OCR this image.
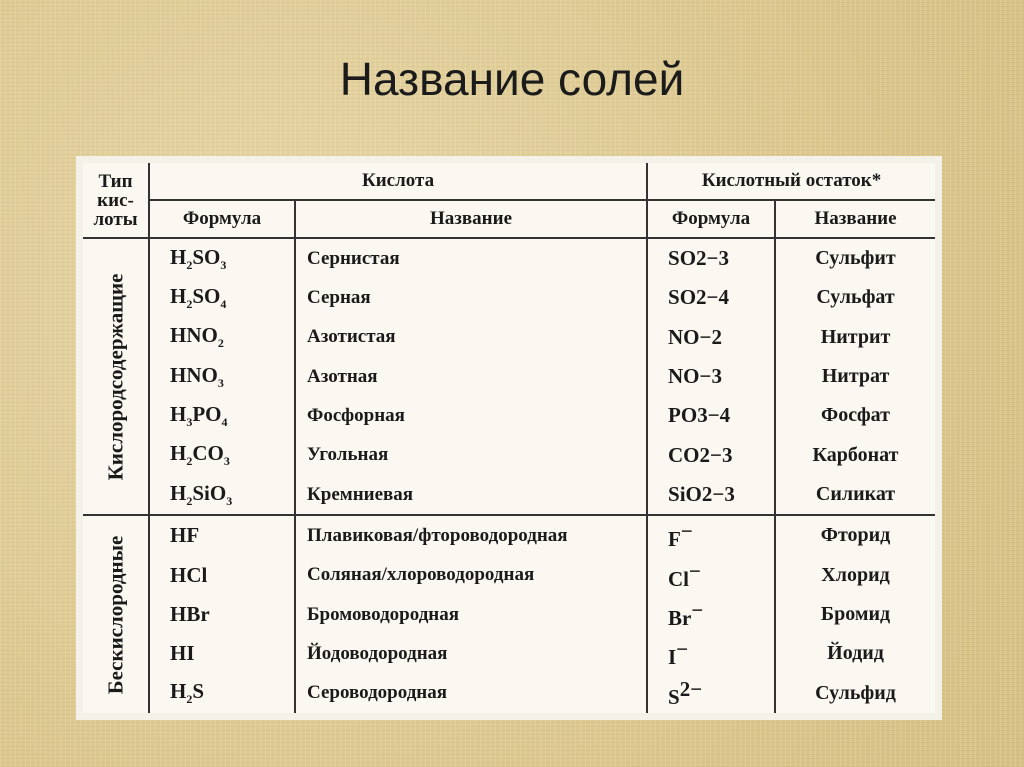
Название солей
Тип
кис-
лоты	Кислота		Кислотный остаток*	
	Формула	Название	Формула	Название

Кислородсодержащие	$H_2SO_3$	Сернистая	SO2−3	Сульфит
	$H_2SO_4$	Серная	SO2−4	Сульфат
	$HNO_2$	Азотистая	NO−2	Нитрит
	$HNO_3$	Азотная	NO−3	Нитрат
	$H_3PO_4$	Фосфорная	PO3−4	Фосфат
	$H_2CO_3$	Угольная	CO2−3	Карбонат
	$H_2SiO_3$	Кремниевая	SiO2−3	Силикат

Бескислородные	HF	Плавиковая/фтороводородная	F−	Фторид
	HCl	Соляная/хлороводородная	Cl−	Хлорид
	HBr	Бромоводородная	Br−	Бромид
	HI	Йодоводородная	I−	Йодид
	$H_2S$	Сероводородная	S2−	Сульфид
